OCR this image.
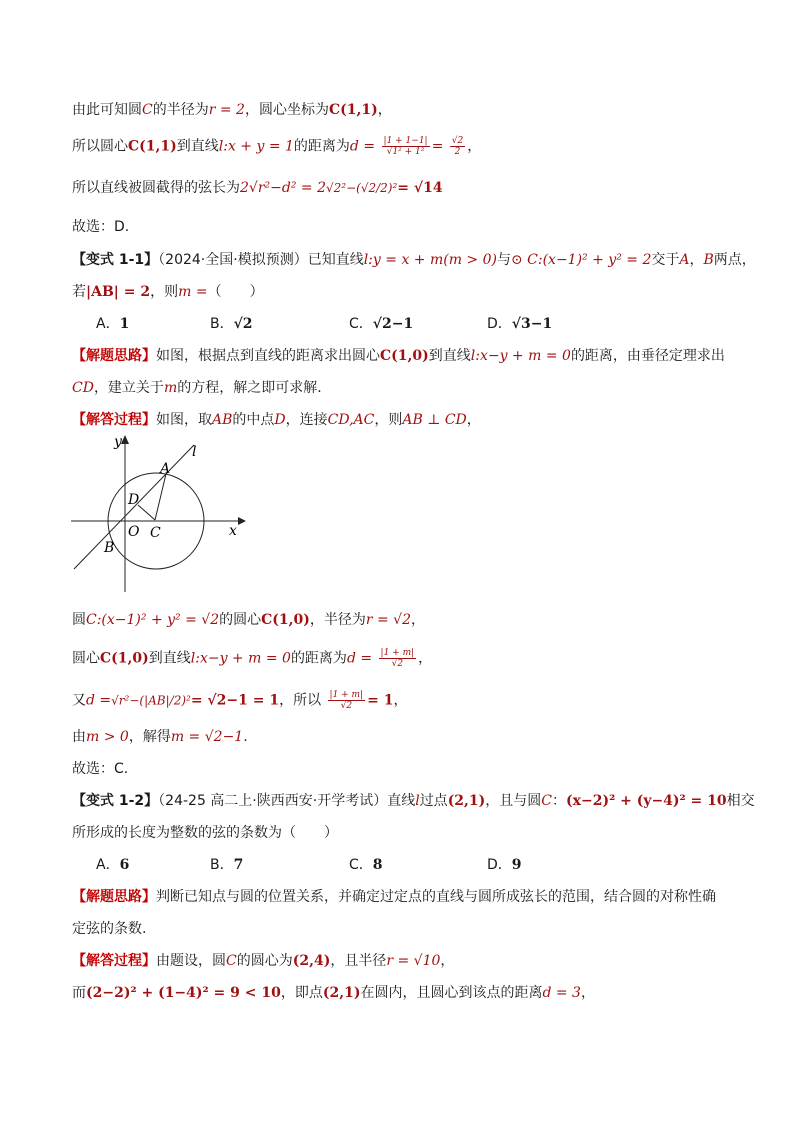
由此可知圆C的半径为r = 2，圆心坐标为C(1,1)，
所以圆心C(1,1)到直线l:x + y = 1的距离为$d = \frac{|1 + 1-1|}{\text{√1² + 1²}} = \frac{√2}{2}$ ，
所以直线被圆截得的弦长为2√r²−d² = 2√2²−(√2/2)²= √14
故选：D.
【变式 1-1】（2024·全国·模拟预测）已知直线l:y = x + m(m > 0)与⊙ C:(x−1)² + y² = 2交于A，B两点，
若|AB| = 2，则m =（　　）
A．1	B．√2	C．√2−1	D．√3−1
【解题思路】如图，根据点到直线的距离求出圆心C(1,0)到直线l:x−y + m = 0的距离，由垂径定理求出
CD，建立关于m的方程，解之即可求解.
【解答过程】如图，取AB的中点D，连接CD,AC，则AB ⊥ CD，
y
x
l
A
D
O C
B
圆C:(x−1)² + y² = √2的圆心C(1,0)，半径为r = √2，
圆心C(1,0)到直线l:x−y + m = 0的距离为$d = \frac{|1 + m|}{√2}$ ，
又d =√r²−(|AB|/2)²= √2−1 = 1，所以 $\frac{|1 + m|}{√2} = 1$，
由m > 0，解得m = √2−1.
故选：C.
【变式 1-2】（24-25 高二上·陕西西安·开学考试）直线l过点(2,1)，且与圆C：(x−2)² + (y−4)² = 10相交
所形成的长度为整数的弦的条数为（　　）
A．6	B．7	C．8	D．9
【解题思路】判断已知点与圆的位置关系，并确定过定点的直线与圆所成弦长的范围，结合圆的对称性确
定弦的条数.
【解答过程】由题设，圆C的圆心为(2,4)，且半径r = √10，
而(2−2)² + (1−4)² = 9 < 10，即点(2,1)在圆内，且圆心到该点的距离d = 3，
